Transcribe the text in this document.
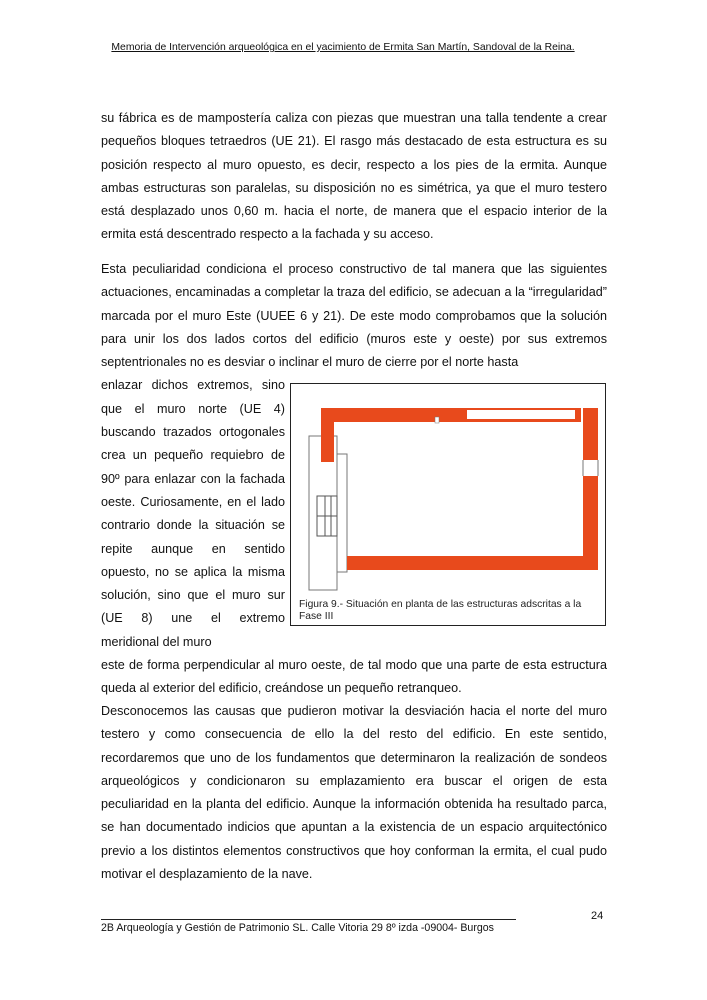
Memoria de Intervención arqueológica en el yacimiento de Ermita San Martín, Sandoval de la Reina.

su fábrica es de mampostería caliza con piezas que muestran una talla tendente a crear pequeños bloques tetraedros (UE 21). El rasgo más destacado de esta estructura es su posición respecto al muro opuesto, es decir, respecto a los pies de la ermita. Aunque ambas estructuras son paralelas, su disposición no es simétrica, ya que el muro testero está desplazado unos 0,60 m. hacia el norte, de manera que el espacio interior de la ermita está descentrado respecto a la fachada y su acceso.

Esta peculiaridad condiciona el proceso constructivo de tal manera que las siguientes actuaciones, encaminadas a completar la traza del edificio, se adecuan a la “irregularidad” marcada por el muro Este (UUEE 6 y 21). De este modo comprobamos que la solución para unir los dos lados cortos del edificio (muros este y oeste) por sus extremos septentrionales no es desviar o inclinar el muro de cierre por el norte hasta
enlazar dichos extremos, sino que el muro norte (UE 4) buscando trazados ortogonales crea un pequeño requiebro de 90º para enlazar con la fachada oeste. Curiosamente, en el lado contrario donde la situación se repite aunque en sentido opuesto, no se aplica la misma solución, sino que el muro sur (UE 8) une el extremo meridional del muro
este de forma perpendicular al muro oeste, de tal modo que una parte de esta estructura queda al exterior del edificio, creándose un pequeño retranqueo.
Figura 9.- Situación en planta de las estructuras adscritas a la Fase III

Desconocemos las causas que pudieron motivar la desviación hacia el norte del muro testero y como consecuencia de ello la del resto del edificio. En este sentido, recordaremos que uno de los fundamentos que determinaron la realización de sondeos arqueológicos y condicionaron su emplazamiento era buscar el origen de esta peculiaridad en la planta del edificio. Aunque la información obtenida ha resultado parca, se han documentado indicios que apuntan a la existencia de un espacio arquitectónico previo a los distintos elementos constructivos que hoy conforman la ermita, el cual pudo motivar el desplazamiento de la nave.

24
2B Arqueología y Gestión de Patrimonio SL. Calle Vitoria 29 8º izda -09004- Burgos
